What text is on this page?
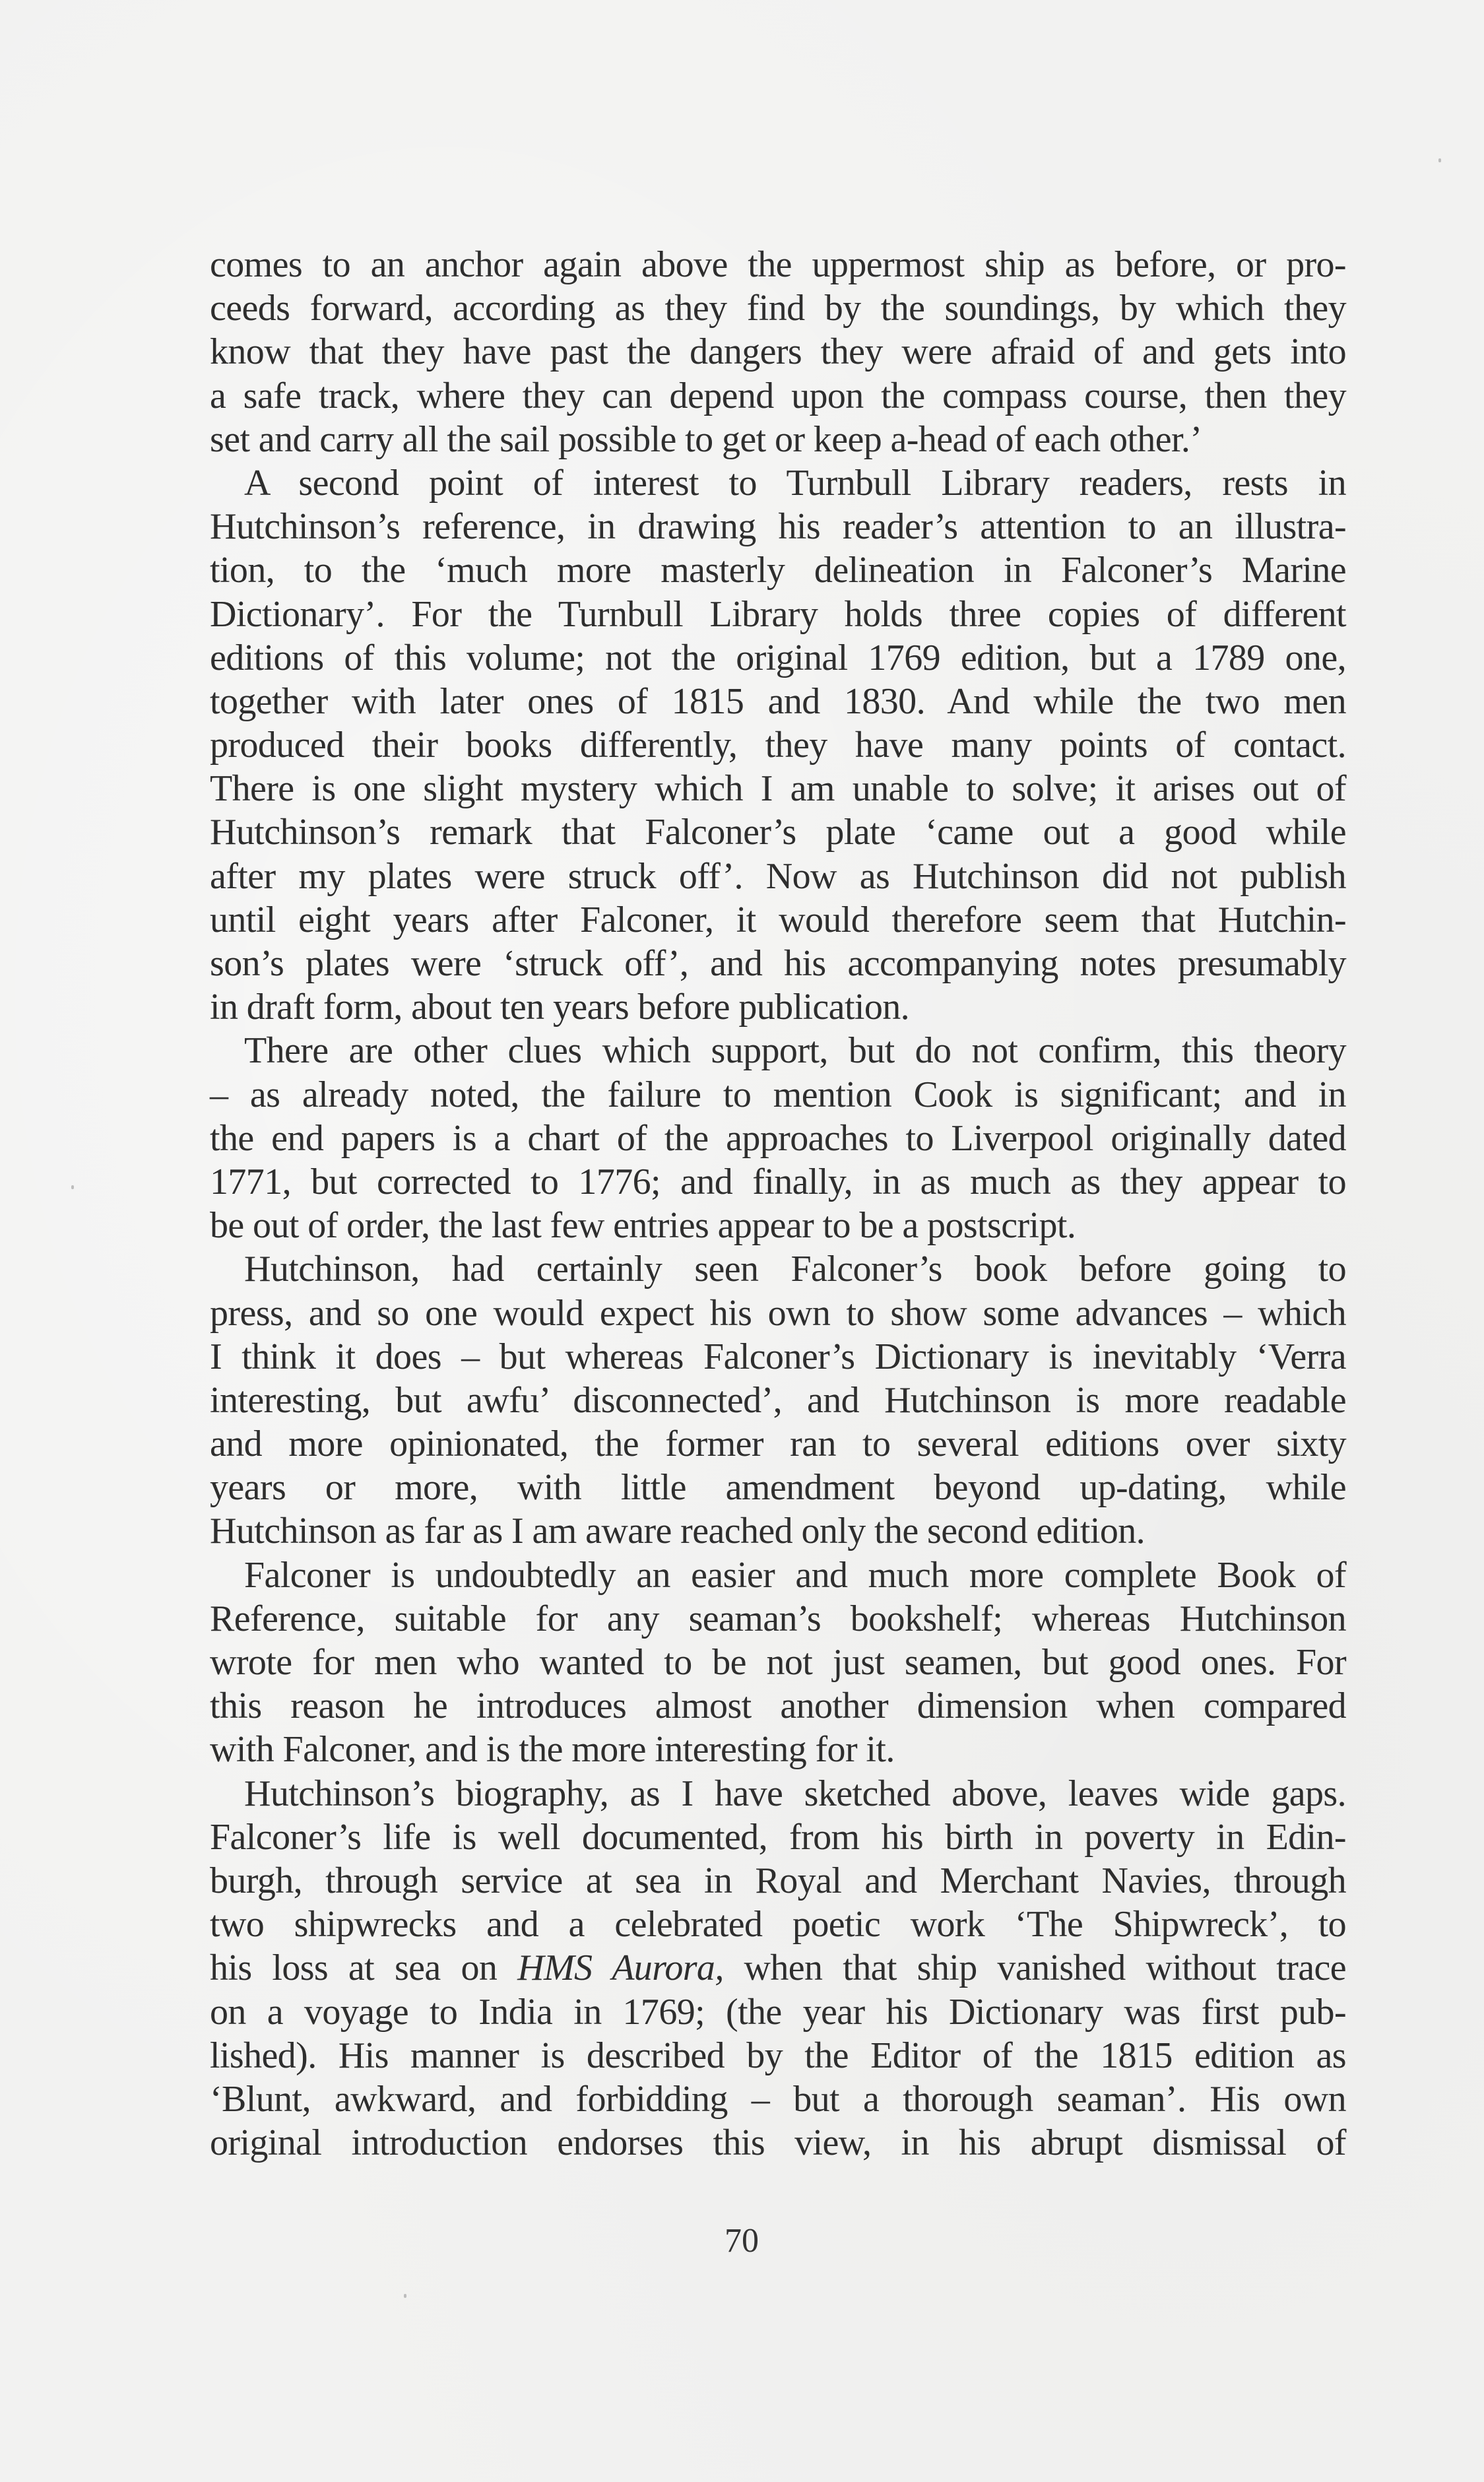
comes to an anchor again above the uppermost ship as before, or pro-
ceeds forward, according as they find by the soundings, by which they
know that they have past the dangers they were afraid of and gets into
a safe track, where they can depend upon the compass course, then they
set and carry all the sail possible to get or keep a-head of each other.’
A second point of interest to Turnbull Library readers, rests in
Hutchinson’s reference, in drawing his reader’s attention to an illustra-
tion, to the ‘much more masterly delineation in Falconer’s Marine
Dictionary’. For the Turnbull Library holds three copies of different
editions of this volume; not the original 1769 edition, but a 1789 one,
together with later ones of 1815 and 1830. And while the two men
produced their books differently, they have many points of contact.
There is one slight mystery which I am unable to solve; it arises out of
Hutchinson’s remark that Falconer’s plate ‘came out a good while
after my plates were struck off’. Now as Hutchinson did not publish
until eight years after Falconer, it would therefore seem that Hutchin-
son’s plates were ‘struck off’, and his accompanying notes presumably
in draft form, about ten years before publication.
There are other clues which support, but do not confirm, this theory
– as already noted, the failure to mention Cook is significant; and in
the end papers is a chart of the approaches to Liverpool originally dated
1771, but corrected to 1776; and finally, in as much as they appear to
be out of order, the last few entries appear to be a postscript.
Hutchinson, had certainly seen Falconer’s book before going to
press, and so one would expect his own to show some advances – which
I think it does – but whereas Falconer’s Dictionary is inevitably ‘Verra
interesting, but awfu’ disconnected’, and Hutchinson is more readable
and more opinionated, the former ran to several editions over sixty
years or more, with little amendment beyond up-dating, while
Hutchinson as far as I am aware reached only the second edition.
Falconer is undoubtedly an easier and much more complete Book of
Reference, suitable for any seaman’s bookshelf; whereas Hutchinson
wrote for men who wanted to be not just seamen, but good ones. For
this reason he introduces almost another dimension when compared
with Falconer, and is the more interesting for it.
Hutchinson’s biography, as I have sketched above, leaves wide gaps.
Falconer’s life is well documented, from his birth in poverty in Edin-
burgh, through service at sea in Royal and Merchant Navies, through
two shipwrecks and a celebrated poetic work ‘The Shipwreck’, to
his loss at sea on HMS Aurora, when that ship vanished without trace
on a voyage to India in 1769; (the year his Dictionary was first pub-
lished). His manner is described by the Editor of the 1815 edition as
‘Blunt, awkward, and forbidding – but a thorough seaman’. His own
original introduction endorses this view, in his abrupt dismissal of
70
